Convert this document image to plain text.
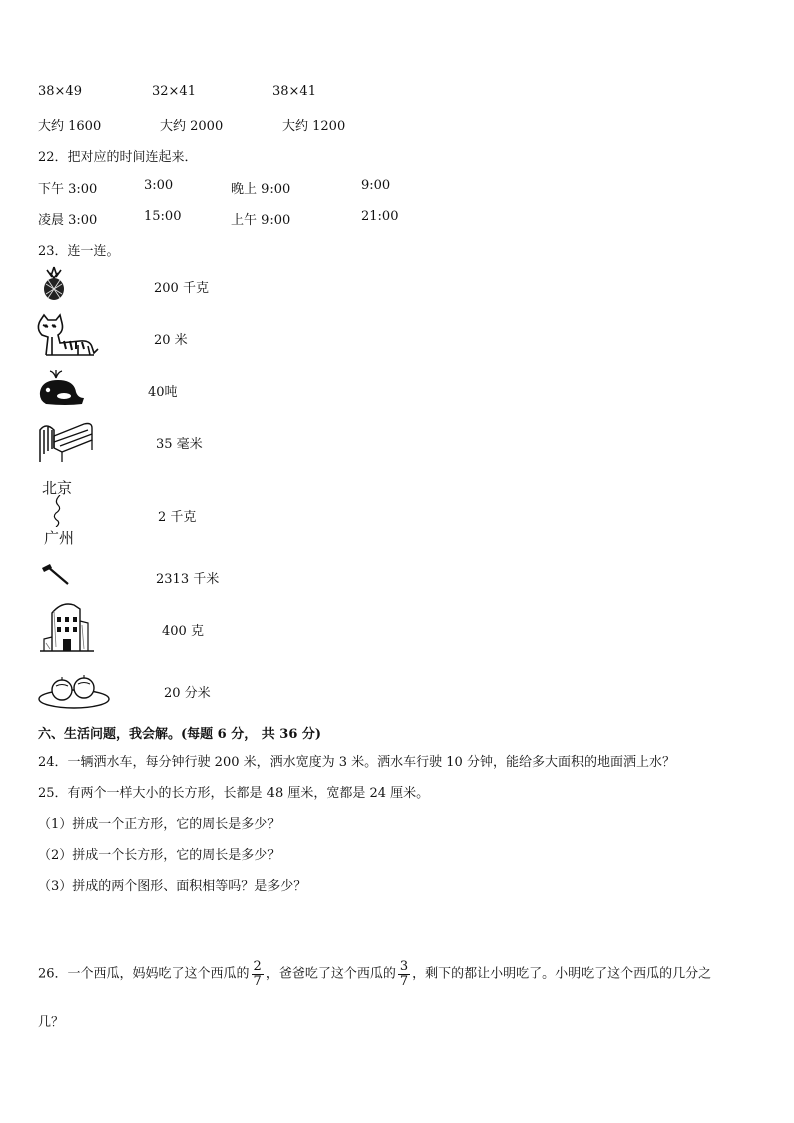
38×49	32×41	38×41
大约 1600	大约 2000	大约 1200
22．把对应的时间连起来．
下午 3:00	3:00	晚上 9:00	9:00
凌晨 3:00	15:00	上午 9:00	21:00
23．连一连。
200 千克
20 米
40吨
35 毫米
北京
广州
2 千克
2313 千米
400 克
20 分米
六、生活问题，我会解。(每题 6 分， 共 36 分)
24．一辆洒水车，每分钟行驶 200 米，洒水宽度为 3 米。洒水车行驶 10 分钟，能给多大面积的地面洒上水？
25．有两个一样大小的长方形，长都是 48 厘米，宽都是 24 厘米。
（1）拼成一个正方形，它的周长是多少？
（2）拼成一个长方形，它的周长是多少？
（3）拼成的两个图形、面积相等吗？是多少？
26．一个西瓜，妈妈吃了这个西瓜的 $\frac{2}{7}$ ，爸爸吃了这个西瓜的 $\frac{3}{7}$ ，剩下的都让小明吃了。小明吃了这个西瓜的几分之
几？
